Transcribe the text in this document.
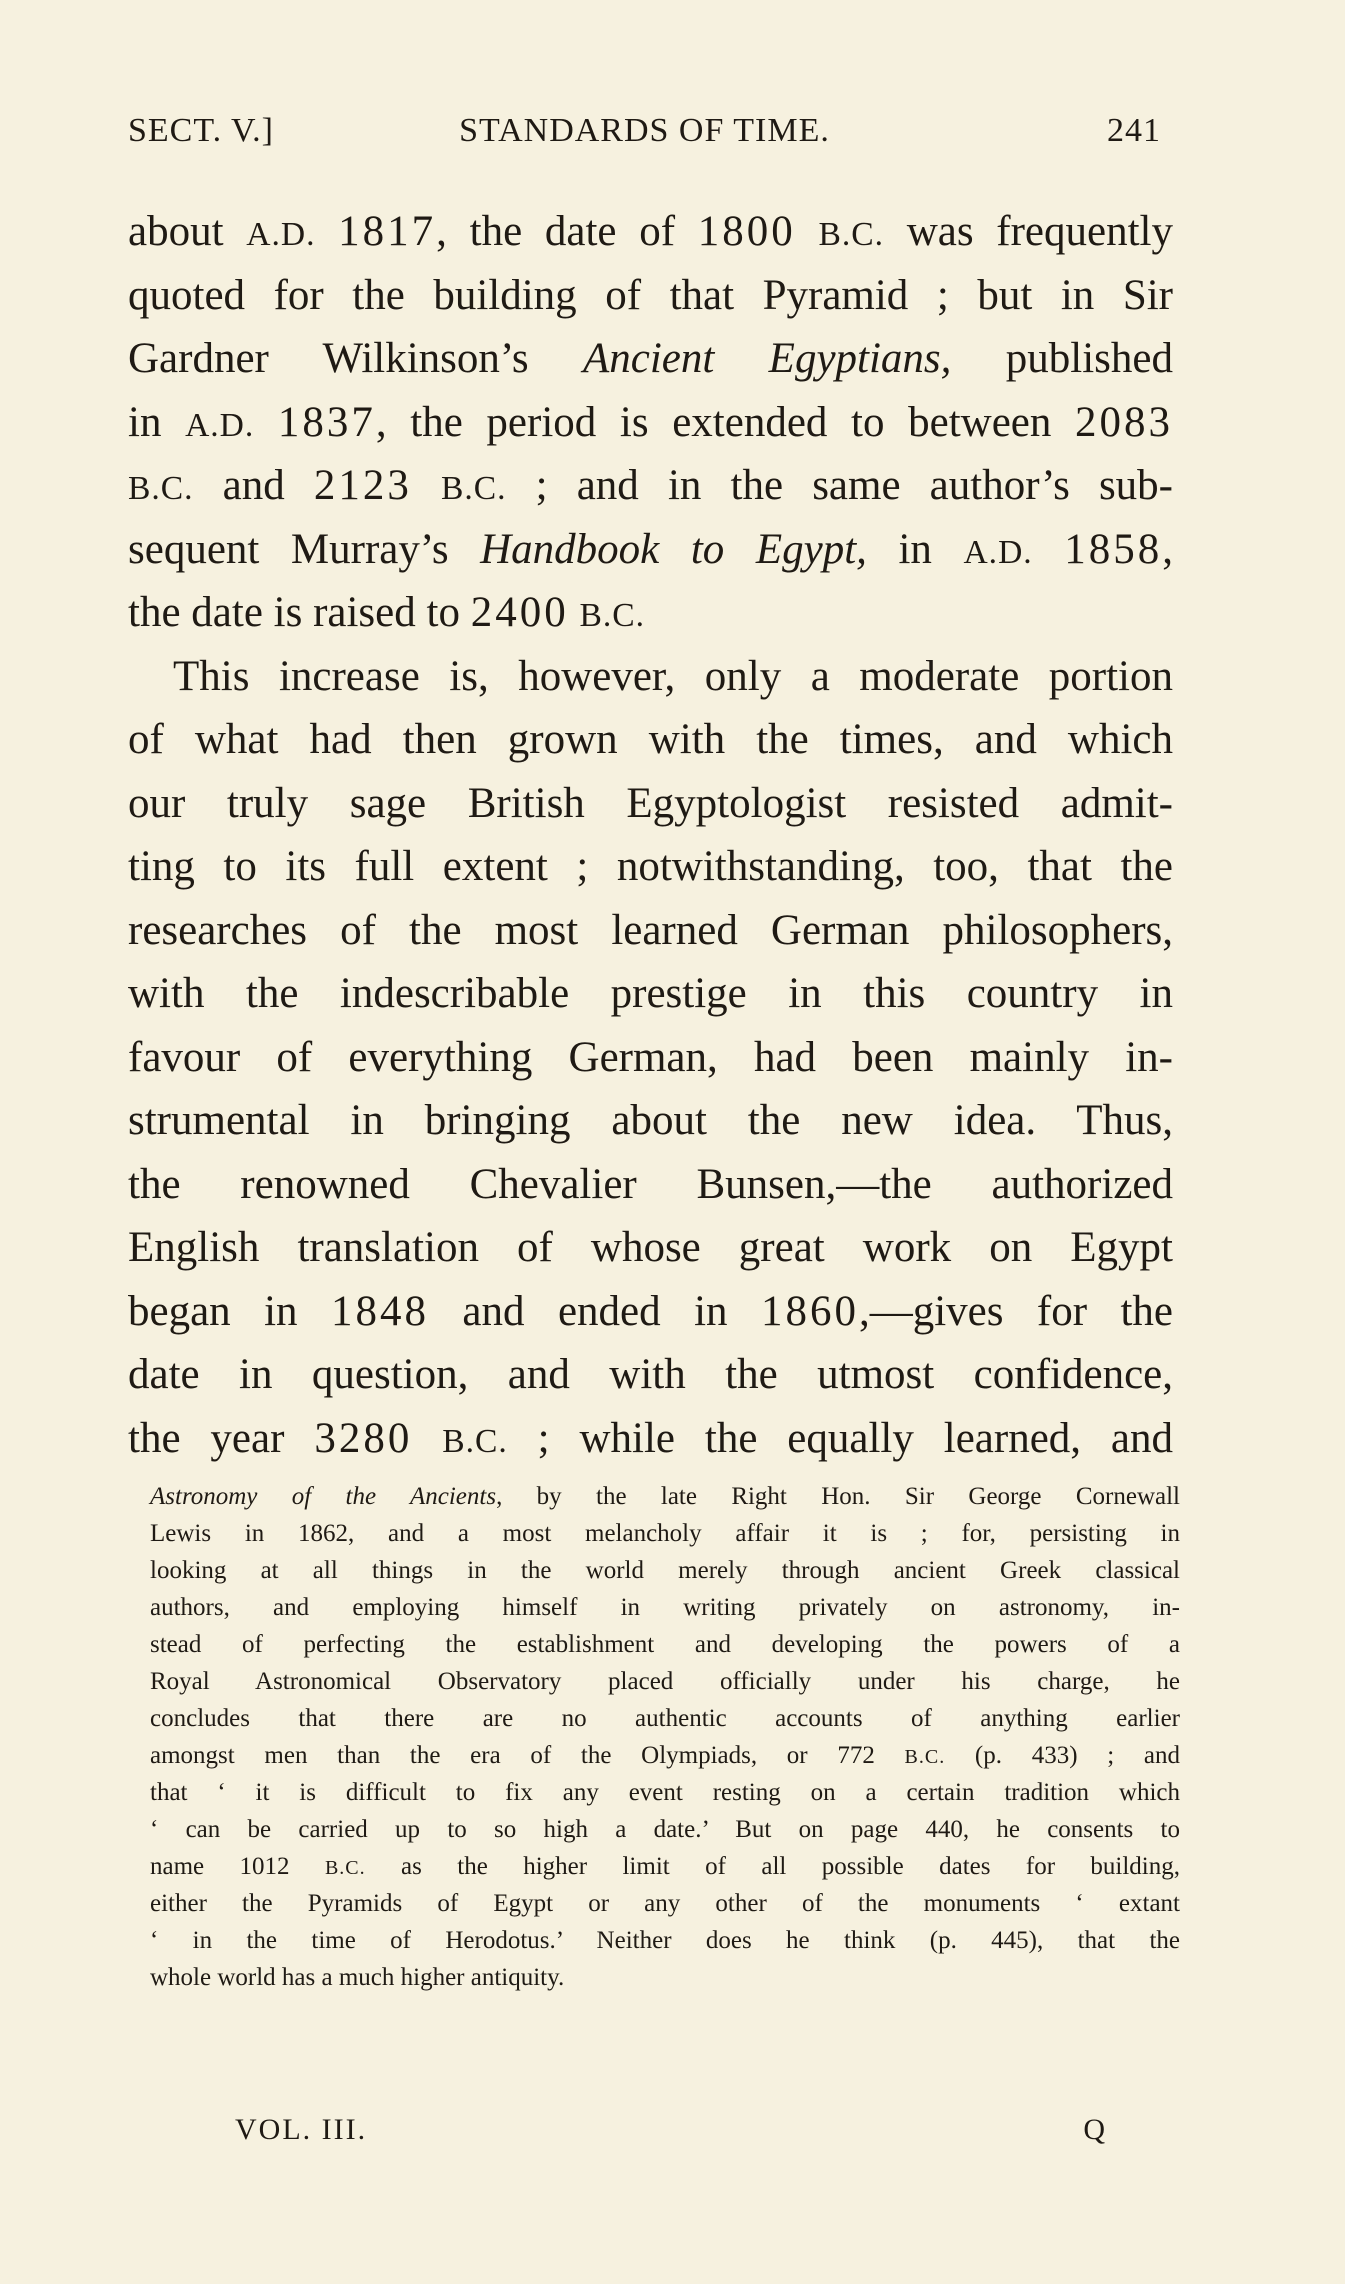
SECT. V.]	STANDARDS OF TIME.	241
about A.D. 1817, the date of 1800 B.C. was frequently
quoted for the building of that Pyramid ; but in Sir
Gardner Wilkinson’s Ancient Egyptians, published
in A.D. 1837, the period is extended to between 2083
B.C. and 2123 B.C. ; and in the same author’s sub-
sequent Murray’s Handbook to Egypt, in A.D. 1858,
the date is raised to 2400 B.C.
This increase is, however, only a moderate portion
of what had then grown with the times, and which
our truly sage British Egyptologist resisted admit-
ting to its full extent ; notwithstanding, too, that the
researches of the most learned German philosophers,
with the indescribable prestige in this country in
favour of everything German, had been mainly in-
strumental in bringing about the new idea. Thus,
the renowned Chevalier Bunsen,—the authorized
English translation of whose great work on Egypt
began in 1848 and ended in 1860,—gives for the
date in question, and with the utmost confidence,
the year 3280 B.C. ; while the equally learned, and
Astronomy of the Ancients, by the late Right Hon. Sir George Cornewall
Lewis in 1862, and a most melancholy affair it is ; for, persisting in
looking at all things in the world merely through ancient Greek classical
authors, and employing himself in writing privately on astronomy, in-
stead of perfecting the establishment and developing the powers of a
Royal Astronomical Observatory placed officially under his charge, he
concludes that there are no authentic accounts of anything earlier
amongst men than the era of the Olympiads, or 772 B.C. (p. 433) ; and
that ‘ it is difficult to fix any event resting on a certain tradition which
‘ can be carried up to so high a date.’ But on page 440, he consents to
name 1012 B.C. as the higher limit of all possible dates for building,
either the Pyramids of Egypt or any other of the monuments ‘ extant
‘ in the time of Herodotus.’ Neither does he think (p. 445), that the
whole world has a much higher antiquity.
VOL. III.	Q
